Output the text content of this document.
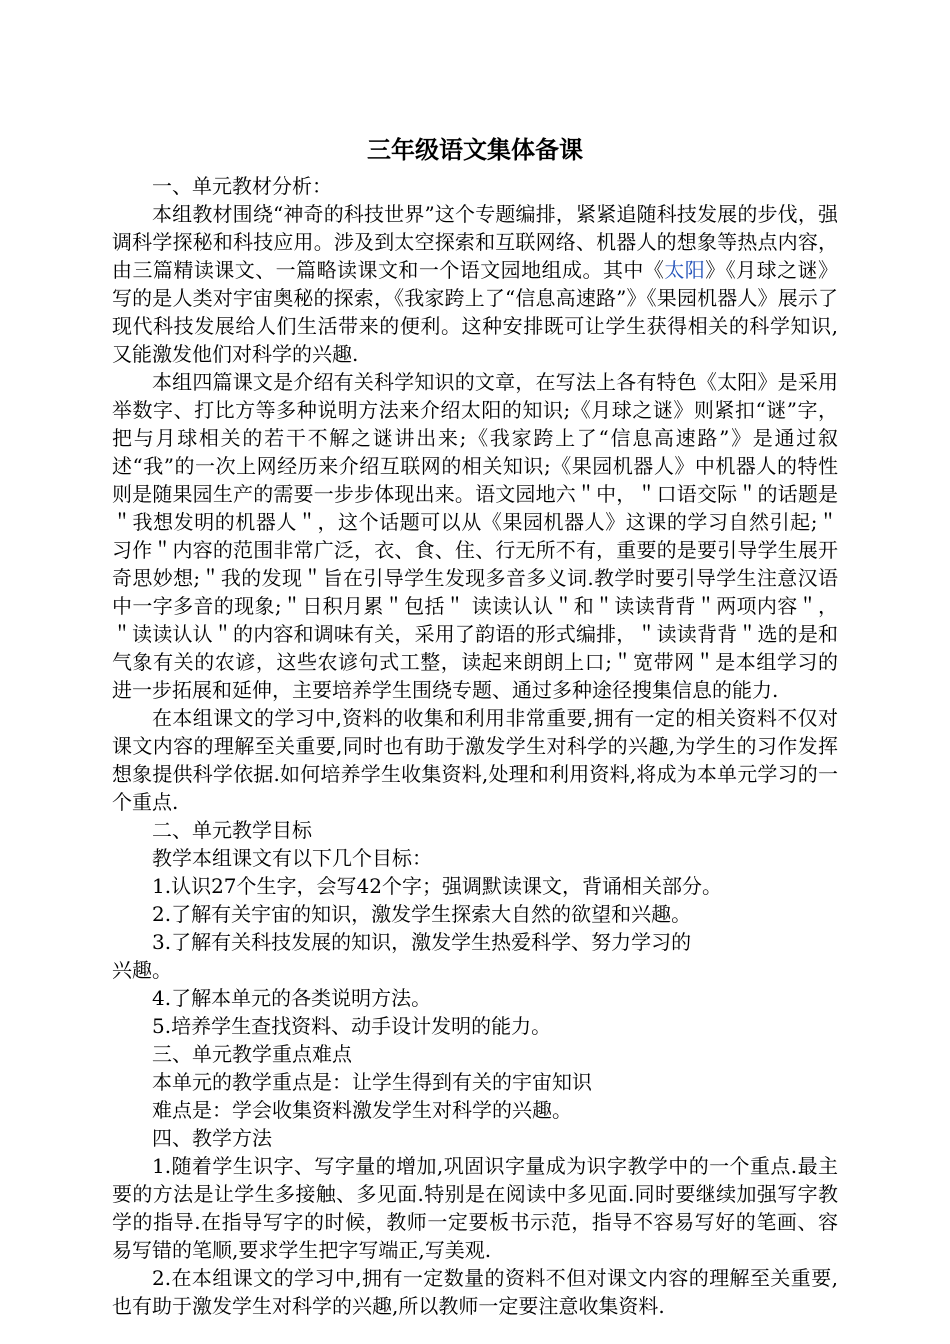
三年级语文集体备课

一、单元教材分析：

本组教材围绕“神奇的科技世界”这个专题编排，紧紧追随科技发展的步伐，强调科学探秘和科技应用。涉及到太空探索和互联网络、机器人的想象等热点内容，由三篇精读课文、一篇略读课文和一个语文园地组成。其中《太阳》《月球之谜》写的是人类对宇宙奥秘的探索，《我家跨上了“信息高速路”》《果园机器人》展示了现代科技发展给人们生活带来的便利。这种安排既可让学生获得相关的科学知识,又能激发他们对科学的兴趣.

本组四篇课文是介绍有关科学知识的文章，在写法上各有特色《太阳》是采用举数字、打比方等多种说明方法来介绍太阳的知识;《月球之谜》则紧扣“谜”字，把与月球相关的若干不解之谜讲出来;《我家跨上了“信息高速路”》是通过叙述“我”的一次上网经历来介绍互联网的相关知识;《果园机器人》中机器人的特性则是随果园生产的需要一步步体现出来。语文园地六＂中，＂口语交际＂的话题是＂我想发明的机器人＂，这个话题可以从《果园机器人》这课的学习自然引起;＂习作＂内容的范围非常广泛，衣、食、住、行无所不有，重要的是要引导学生展开奇思妙想;＂我的发现＂旨在引导学生发现多音多义词.教学时要引导学生注意汉语中一字多音的现象;＂日积月累＂包括＂ 读读认认＂和＂读读背背＂两项内容＂，＂读读认认＂的内容和调味有关，采用了韵语的形式编排，＂读读背背＂选的是和气象有关的农谚，这些农谚句式工整，读起来朗朗上口;＂宽带网＂是本组学习的进一步拓展和延伸，主要培养学生围绕专题、通过多种途径搜集信息的能力.

在本组课文的学习中,资料的收集和利用非常重要,拥有一定的相关资料不仅对课文内容的理解至关重要,同时也有助于激发学生对科学的兴趣,为学生的习作发挥想象提供科学依据.如何培养学生收集资料,处理和利用资料,将成为本单元学习的一个重点.

二、单元教学目标

教学本组课文有以下几个目标：

1.认识27个生字，会写42个字；强调默读课文，背诵相关部分。

2.了解有关宇宙的知识，激发学生探索大自然的欲望和兴趣。

3.了解有关科技发展的知识，激发学生热爱科学、努力学习的

兴趣。

4.了解本单元的各类说明方法。

5.培养学生查找资料、动手设计发明的能力。

三、单元教学重点难点

本单元的教学重点是：让学生得到有关的宇宙知识

难点是：学会收集资料激发学生对科学的兴趣。

四、教学方法

1.随着学生识字、写字量的增加,巩固识字量成为识字教学中的一个重点.最主要的方法是让学生多接触、多见面.特别是在阅读中多见面.同时要继续加强写字教学的指导.在指导写字的时候，教师一定要板书示范，指导不容易写好的笔画、容易写错的笔顺,要求学生把字写端正,写美观.

2.在本组课文的学习中,拥有一定数量的资料不但对课文内容的理解至关重要,也有助于激发学生对科学的兴趣,所以教师一定要注意收集资料.
